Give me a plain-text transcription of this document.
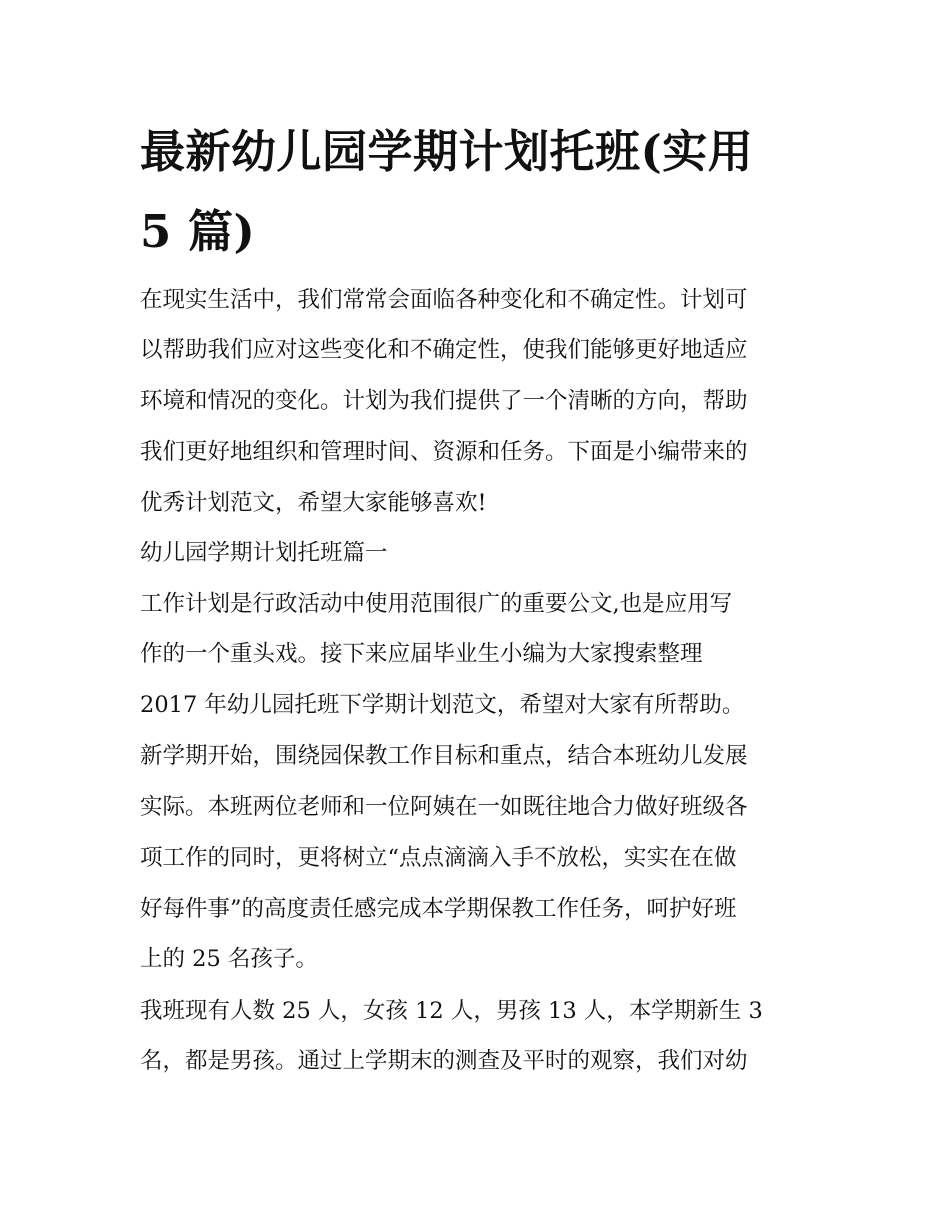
最新幼儿园学期计划托班(实用
5 篇)

在现实生活中，我们常常会面临各种变化和不确定性。计划可

以帮助我们应对这些变化和不确定性，使我们能够更好地适应

环境和情况的变化。计划为我们提供了一个清晰的方向，帮助

我们更好地组织和管理时间、资源和任务。下面是小编带来的

优秀计划范文，希望大家能够喜欢!

幼儿园学期计划托班篇一

工作计划是行政活动中使用范围很广的重要公文,也是应用写

作的一个重头戏。接下来应届毕业生小编为大家搜索整理

2017 年幼儿园托班下学期计划范文，希望对大家有所帮助。

新学期开始，围绕园保教工作目标和重点，结合本班幼儿发展

实际。本班两位老师和一位阿姨在一如既往地合力做好班级各

项工作的同时，更将树立“点点滴滴入手不放松，实实在在做

好每件事”的高度责任感完成本学期保教工作任务，呵护好班

上的 25 名孩子。

我班现有人数 25 人，女孩 12 人，男孩 13 人，本学期新生 3

名，都是男孩。通过上学期末的测查及平时的观察，我们对幼
